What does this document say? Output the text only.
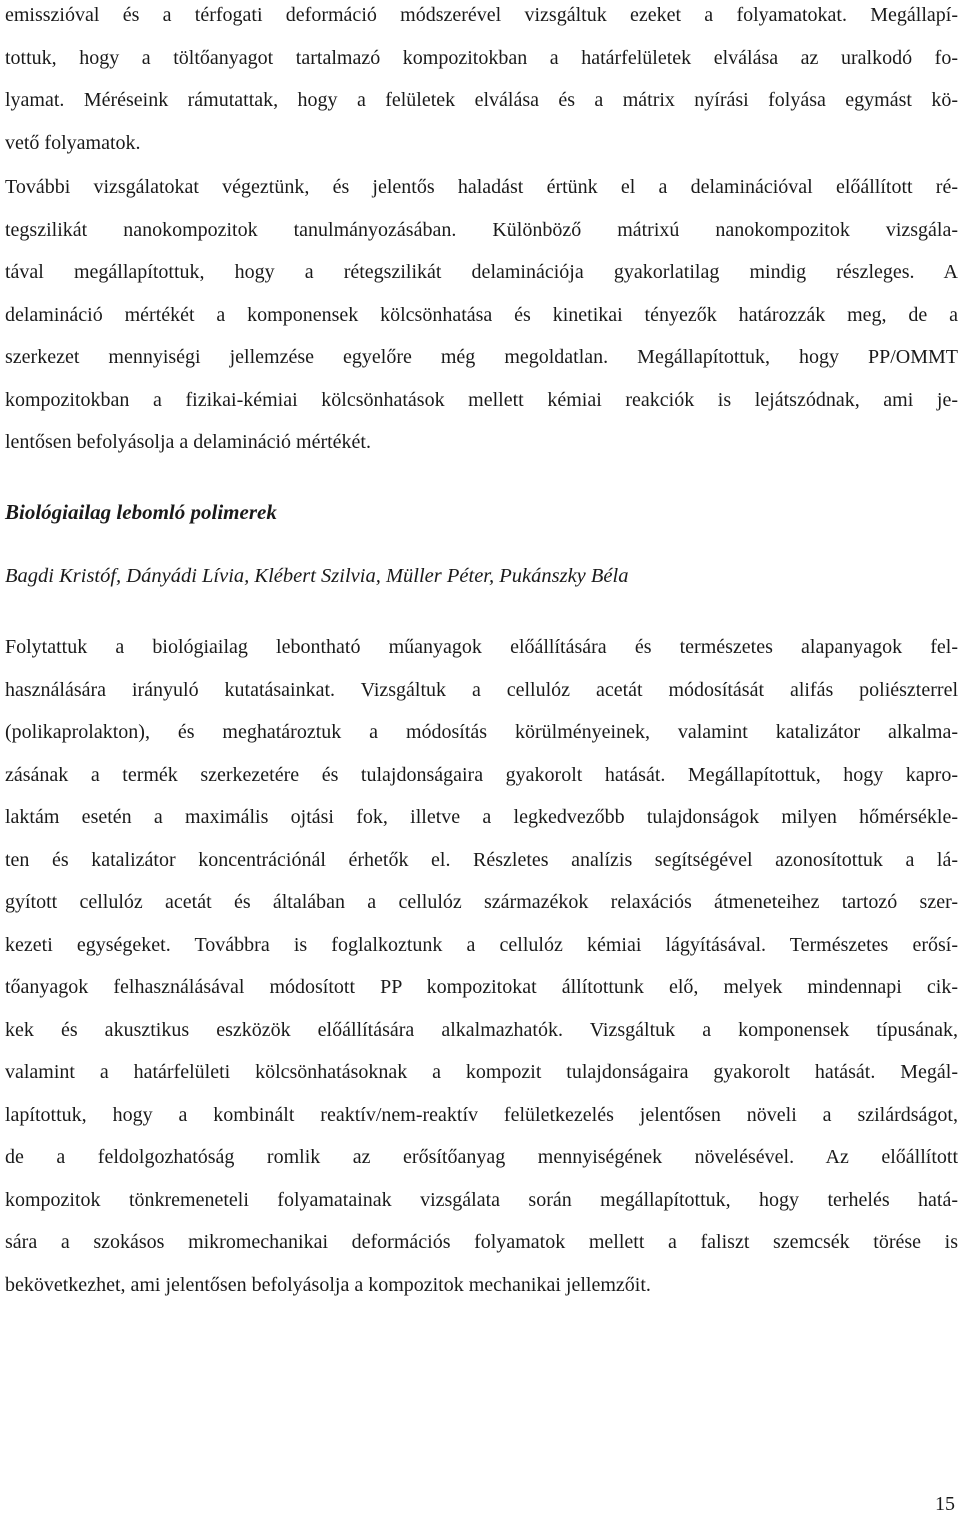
emisszióval és a térfogati deformáció módszerével vizsgáltuk ezeket a folyamatokat. Megállapí-
tottuk, hogy a töltőanyagot tartalmazó kompozitokban a határfelületek elválása az uralkodó fo-
lyamat. Méréseink rámutattak, hogy a felületek elválása és a mátrix nyírási folyása egymást kö-
vető folyamatok.
További vizsgálatokat végeztünk, és jelentős haladást értünk el a delaminációval előállított ré-
tegszilikát nanokompozitok tanulmányozásában. Különböző mátrixú nanokompozitok vizsgála-
tával megállapítottuk, hogy a rétegszilikát delaminációja gyakorlatilag mindig részleges. A
delamináció mértékét a komponensek kölcsönhatása és kinetikai tényezők határozzák meg, de a
szerkezet mennyiségi jellemzése egyelőre még megoldatlan. Megállapítottuk, hogy PP/OMMT
kompozitokban a fizikai-kémiai kölcsönhatások mellett kémiai reakciók is lejátszódnak, ami je-
lentősen befolyásolja a delamináció mértékét.
Folytattuk a biológiailag lebontható műanyagok előállítására és természetes alapanyagok fel-
használására irányuló kutatásainkat. Vizsgáltuk a cellulóz acetát módosítását alifás poliészterrel
(polikaprolakton), és meghatároztuk a módosítás körülményeinek, valamint katalizátor alkalma-
zásának a termék szerkezetére és tulajdonságaira gyakorolt hatását. Megállapítottuk, hogy kapro-
laktám esetén a maximális ojtási fok, illetve a legkedvezőbb tulajdonságok milyen hőmérsékle-
ten és katalizátor koncentrációnál érhetők el. Részletes analízis segítségével azonosítottuk a lá-
gyított cellulóz acetát és általában a cellulóz származékok relaxációs átmeneteihez tartozó szer-
kezeti egységeket. Továbbra is foglalkoztunk a cellulóz kémiai lágyításával. Természetes erősí-
tőanyagok felhasználásával módosított PP kompozitokat állítottunk elő, melyek mindennapi cik-
kek és akusztikus eszközök előállítására alkalmazhatók. Vizsgáltuk a komponensek típusának,
valamint a határfelületi kölcsönhatásoknak a kompozit tulajdonságaira gyakorolt hatását. Megál-
lapítottuk, hogy a kombinált reaktív/nem-reaktív felületkezelés jelentősen növeli a szilárdságot,
de a feldolgozhatóság romlik az erősítőanyag mennyiségének növelésével. Az előállított
kompozitok tönkremeneteli folyamatainak vizsgálata során megállapítottuk, hogy terhelés hatá-
sára a szokásos mikromechanikai deformációs folyamatok mellett a faliszt szemcsék törése is
bekövetkezhet, ami jelentősen befolyásolja a kompozitok mechanikai jellemzőit.
Biológiailag lebomló polimerek
Bagdi Kristóf, Dányádi Lívia, Klébert Szilvia, Müller Péter, Pukánszky Béla
15
